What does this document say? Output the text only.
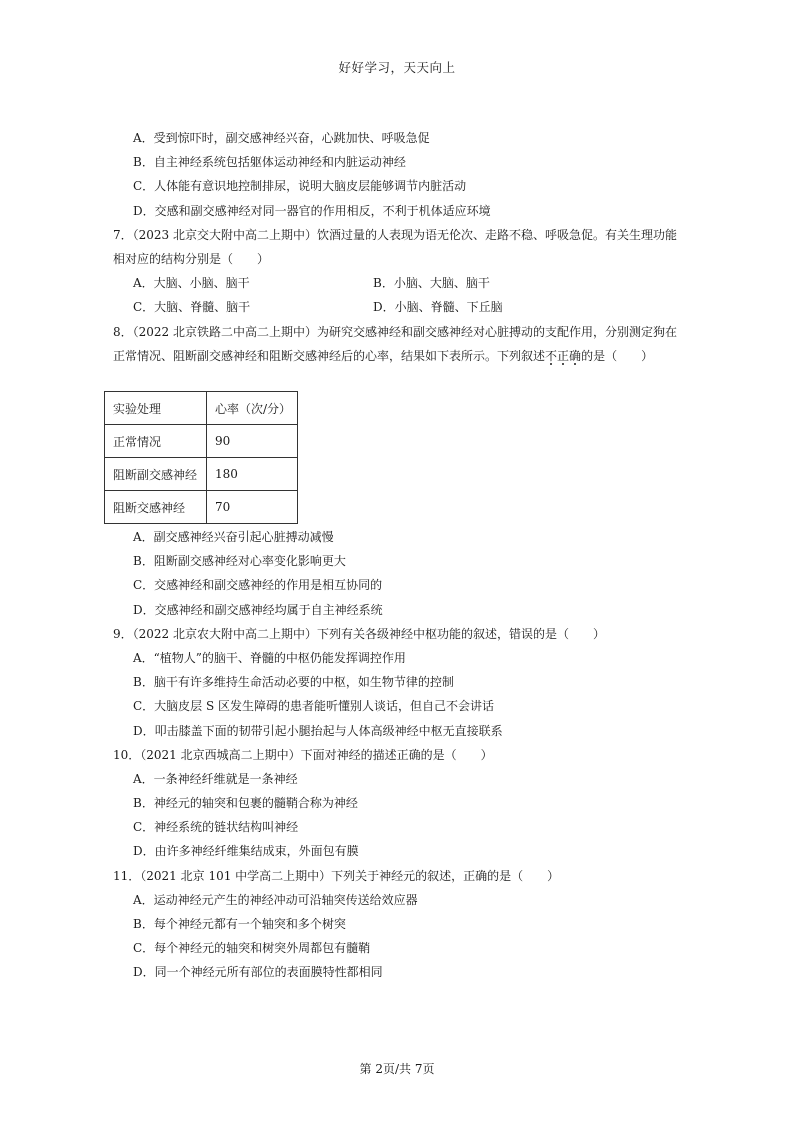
好好学习，天天向上
A．受到惊吓时，副交感神经兴奋，心跳加快、呼吸急促
B．自主神经系统包括躯体运动神经和内脏运动神经
C．人体能有意识地控制排尿，说明大脑皮层能够调节内脏活动
D．交感和副交感神经对同一器官的作用相反，不利于机体适应环境
7．（2023 北京交大附中高二上期中）饮酒过量的人表现为语无伦次、走路不稳、呼吸急促。有关生理功能
相对应的结构分别是（　　）
A．大脑、小脑、脑干	B．小脑、大脑、脑干
C．大脑、脊髓、脑干	D．小脑、脊髓、下丘脑
8．（2022 北京铁路二中高二上期中）为研究交感神经和副交感神经对心脏搏动的支配作用，分别测定狗在
正常情况、阻断副交感神经和阻断交感神经后的心率，结果如下表所示。下列叙述不正确的是（　　）
实验处理	心率（次/分）
正常情况	90
阻断副交感神经	180
阻断交感神经	70
A．副交感神经兴奋引起心脏搏动减慢
B．阻断副交感神经对心率变化影响更大
C．交感神经和副交感神经的作用是相互协同的
D．交感神经和副交感神经均属于自主神经系统
9．（2022 北京农大附中高二上期中）下列有关各级神经中枢功能的叙述，错误的是（　　）
A．“植物人”的脑干、脊髓的中枢仍能发挥调控作用
B．脑干有许多维持生命活动必要的中枢，如生物节律的控制
C．大脑皮层 S 区发生障碍的患者能听懂别人谈话，但自己不会讲话
D．叩击膝盖下面的韧带引起小腿抬起与人体高级神经中枢无直接联系
10．（2021 北京西城高二上期中）下面对神经的描述正确的是（　　）
A．一条神经纤维就是一条神经
B．神经元的轴突和包裹的髓鞘合称为神经
C．神经系统的链状结构叫神经
D．由许多神经纤维集结成束，外面包有膜
11．（2021 北京 101 中学高二上期中）下列关于神经元的叙述，正确的是（　　）
A．运动神经元产生的神经冲动可沿轴突传送给效应器
B．每个神经元都有一个轴突和多个树突
C．每个神经元的轴突和树突外周都包有髓鞘
D．同一个神经元所有部位的表面膜特性都相同
第 2页/共 7页
